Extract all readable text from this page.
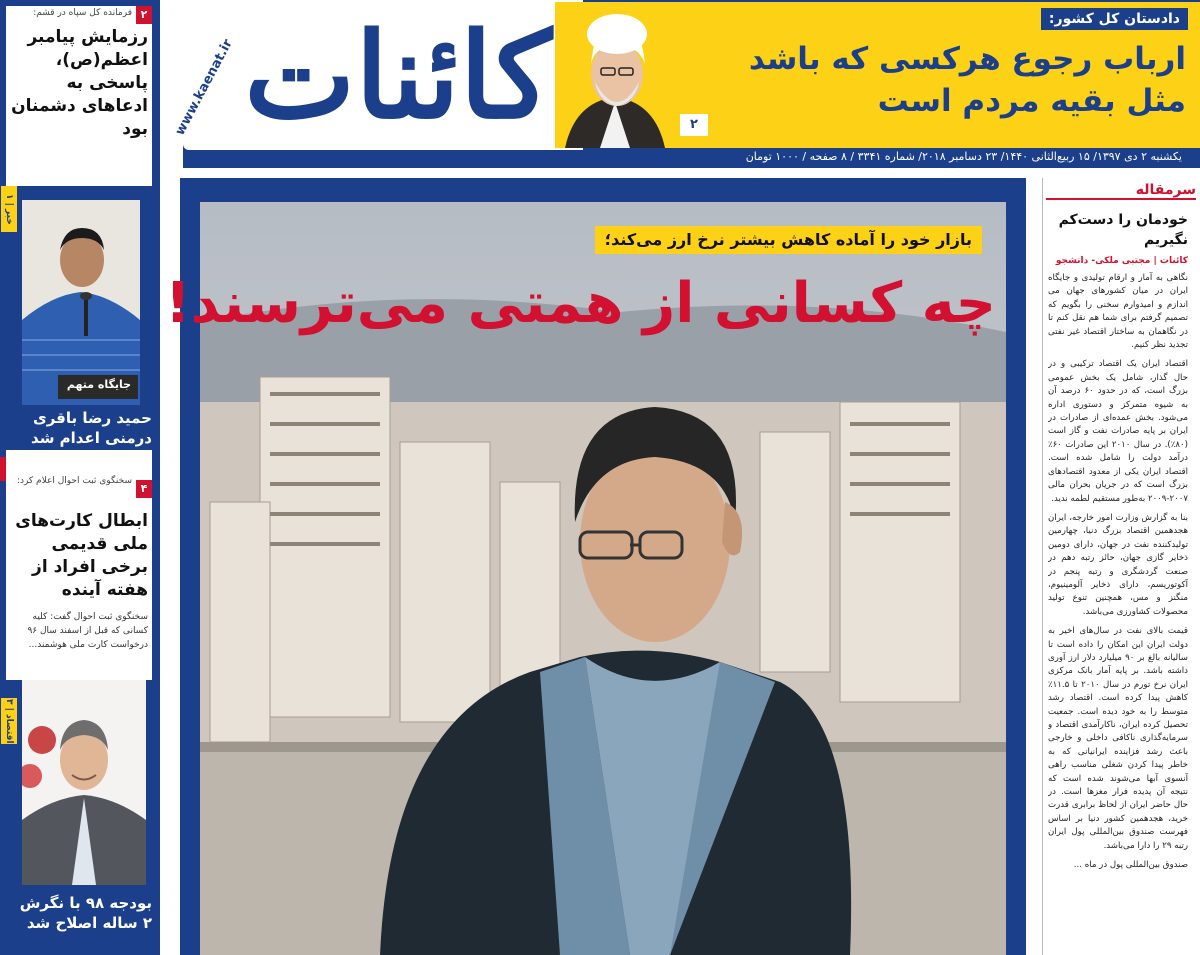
کائنات
www.kaenat.ir	۲
دادستان کل کشور:
ارباب رجوع هرکسی که باشد مثل بقیه مردم است
یکشنبه ۲ دی ۱۳۹۷/ ۱۵ ربیع‌الثانی ۱۴۴۰/ ۲۳ دسامبر ۲۰۱۸/ شماره ۳۳۴۱ / ۸ صفحه / ۱۰۰۰ تومان
۲
فرمانده کل سپاه در قشم:
رزمایش پیامبر اعظم(ص)، پاسخی به ادعاهای دشمنان بود
خبر | ۱
جایگاه متهم
حمید رضا باقری درمنی اعدام شد
۴
سخنگوی ثبت احوال اعلام کرد:
ابطال کارت‌های ملی قدیمی برخی افراد از هفته آینده
سخنگوی ثبت احوال گفت: کلیه کسانی که قبل از اسفند سال ۹۶ درخواست کارت ملی هوشمند...
اقتصاد | ۳
بودجه ۹۸ با نگرش ۲ ساله اصلاح شد
بازار خود را آماده کاهش بیشتر نرخ ارز می‌کند؛
چه کسانی از همتی می‌ترسند!
سرمقاله
خودمان را دست‌کم نگیریم
کائنات | مجتبی ملکی- دانشجو

نگاهی به آمار و ارقام تولیدی و جایگاه ایران در میان کشورهای جهان می اندازم و امیدوارم سخنی را بگویم که تصمیم گرفتم برای شما هم نقل کنم تا در نگاهمان به ساختار اقتصاد غیر نفتی تجدید نظر کنیم.

اقتصاد ایران یک اقتصاد ترکیبی و در حال گذار، شامل یک بخش عمومی بزرگ است، که در حدود ۶۰ درصد آن به شیوه متمرکز و دستوری اداره می‌شود. بخش عمده‌ای از صادرات در ایران بر پایه صادرات نفت و گاز است (۸۰٪). در سال ۲۰۱۰ این صادرات ۶۰٪ درآمد دولت را شامل شده است. اقتصاد ایران یکی از معدود اقتصادهای بزرگ است که در جریان بحران مالی ۲۰۰۷-۲۰۰۹ به‌طور مستقیم لطمه ندید.

بنا به گزارش وزارت امور خارجه، ایران هجدهمین اقتصاد بزرگ دنیا، چهارمین تولیدکننده نفت در جهان، دارای دومین ذخایر گازی جهان، حائز رتبه دهم در صنعت گردشگری و رتبه پنجم در آکوتوریسم، دارای ذخایر آلومینیوم، منگنز و مس، همچنین تنوع تولید محصولات کشاورزی می‌باشد.

قیمت بالای نفت در سال‌های اخیر به دولت ایران این امکان را داده است تا سالیانه بالغ بر ۹۰ میلیارد دلار ارز آوری داشته باشد. بر پایه آمار بانک مرکزی ایران نرخ تورم در سال ۲۰۱۰ تا ۱۱.۵٪ کاهش پیدا کرده است. اقتصاد رشد متوسط را به خود دیده است. جمعیت تحصیل کرده ایران، ناکارآمدی اقتصاد و سرمایه‌گذاری ناکافی داخلی و خارجی باعث رشد فزاینده ایرانیانی که به خاطر پیدا کردن شغلی مناسب راهی آنسوی آبها می‌شوند شده است که نتیجه آن پدیده فرار مغزها است. در حال حاضر ایران از لحاظ برابری قدرت خرید، هجدهمین کشور دنیا بر اساس فهرست صندوق بین‌المللی پول ایران رتبه ۲۹ را دارا می‌باشد.

صندوق بین‌المللی پول در ماه ...
